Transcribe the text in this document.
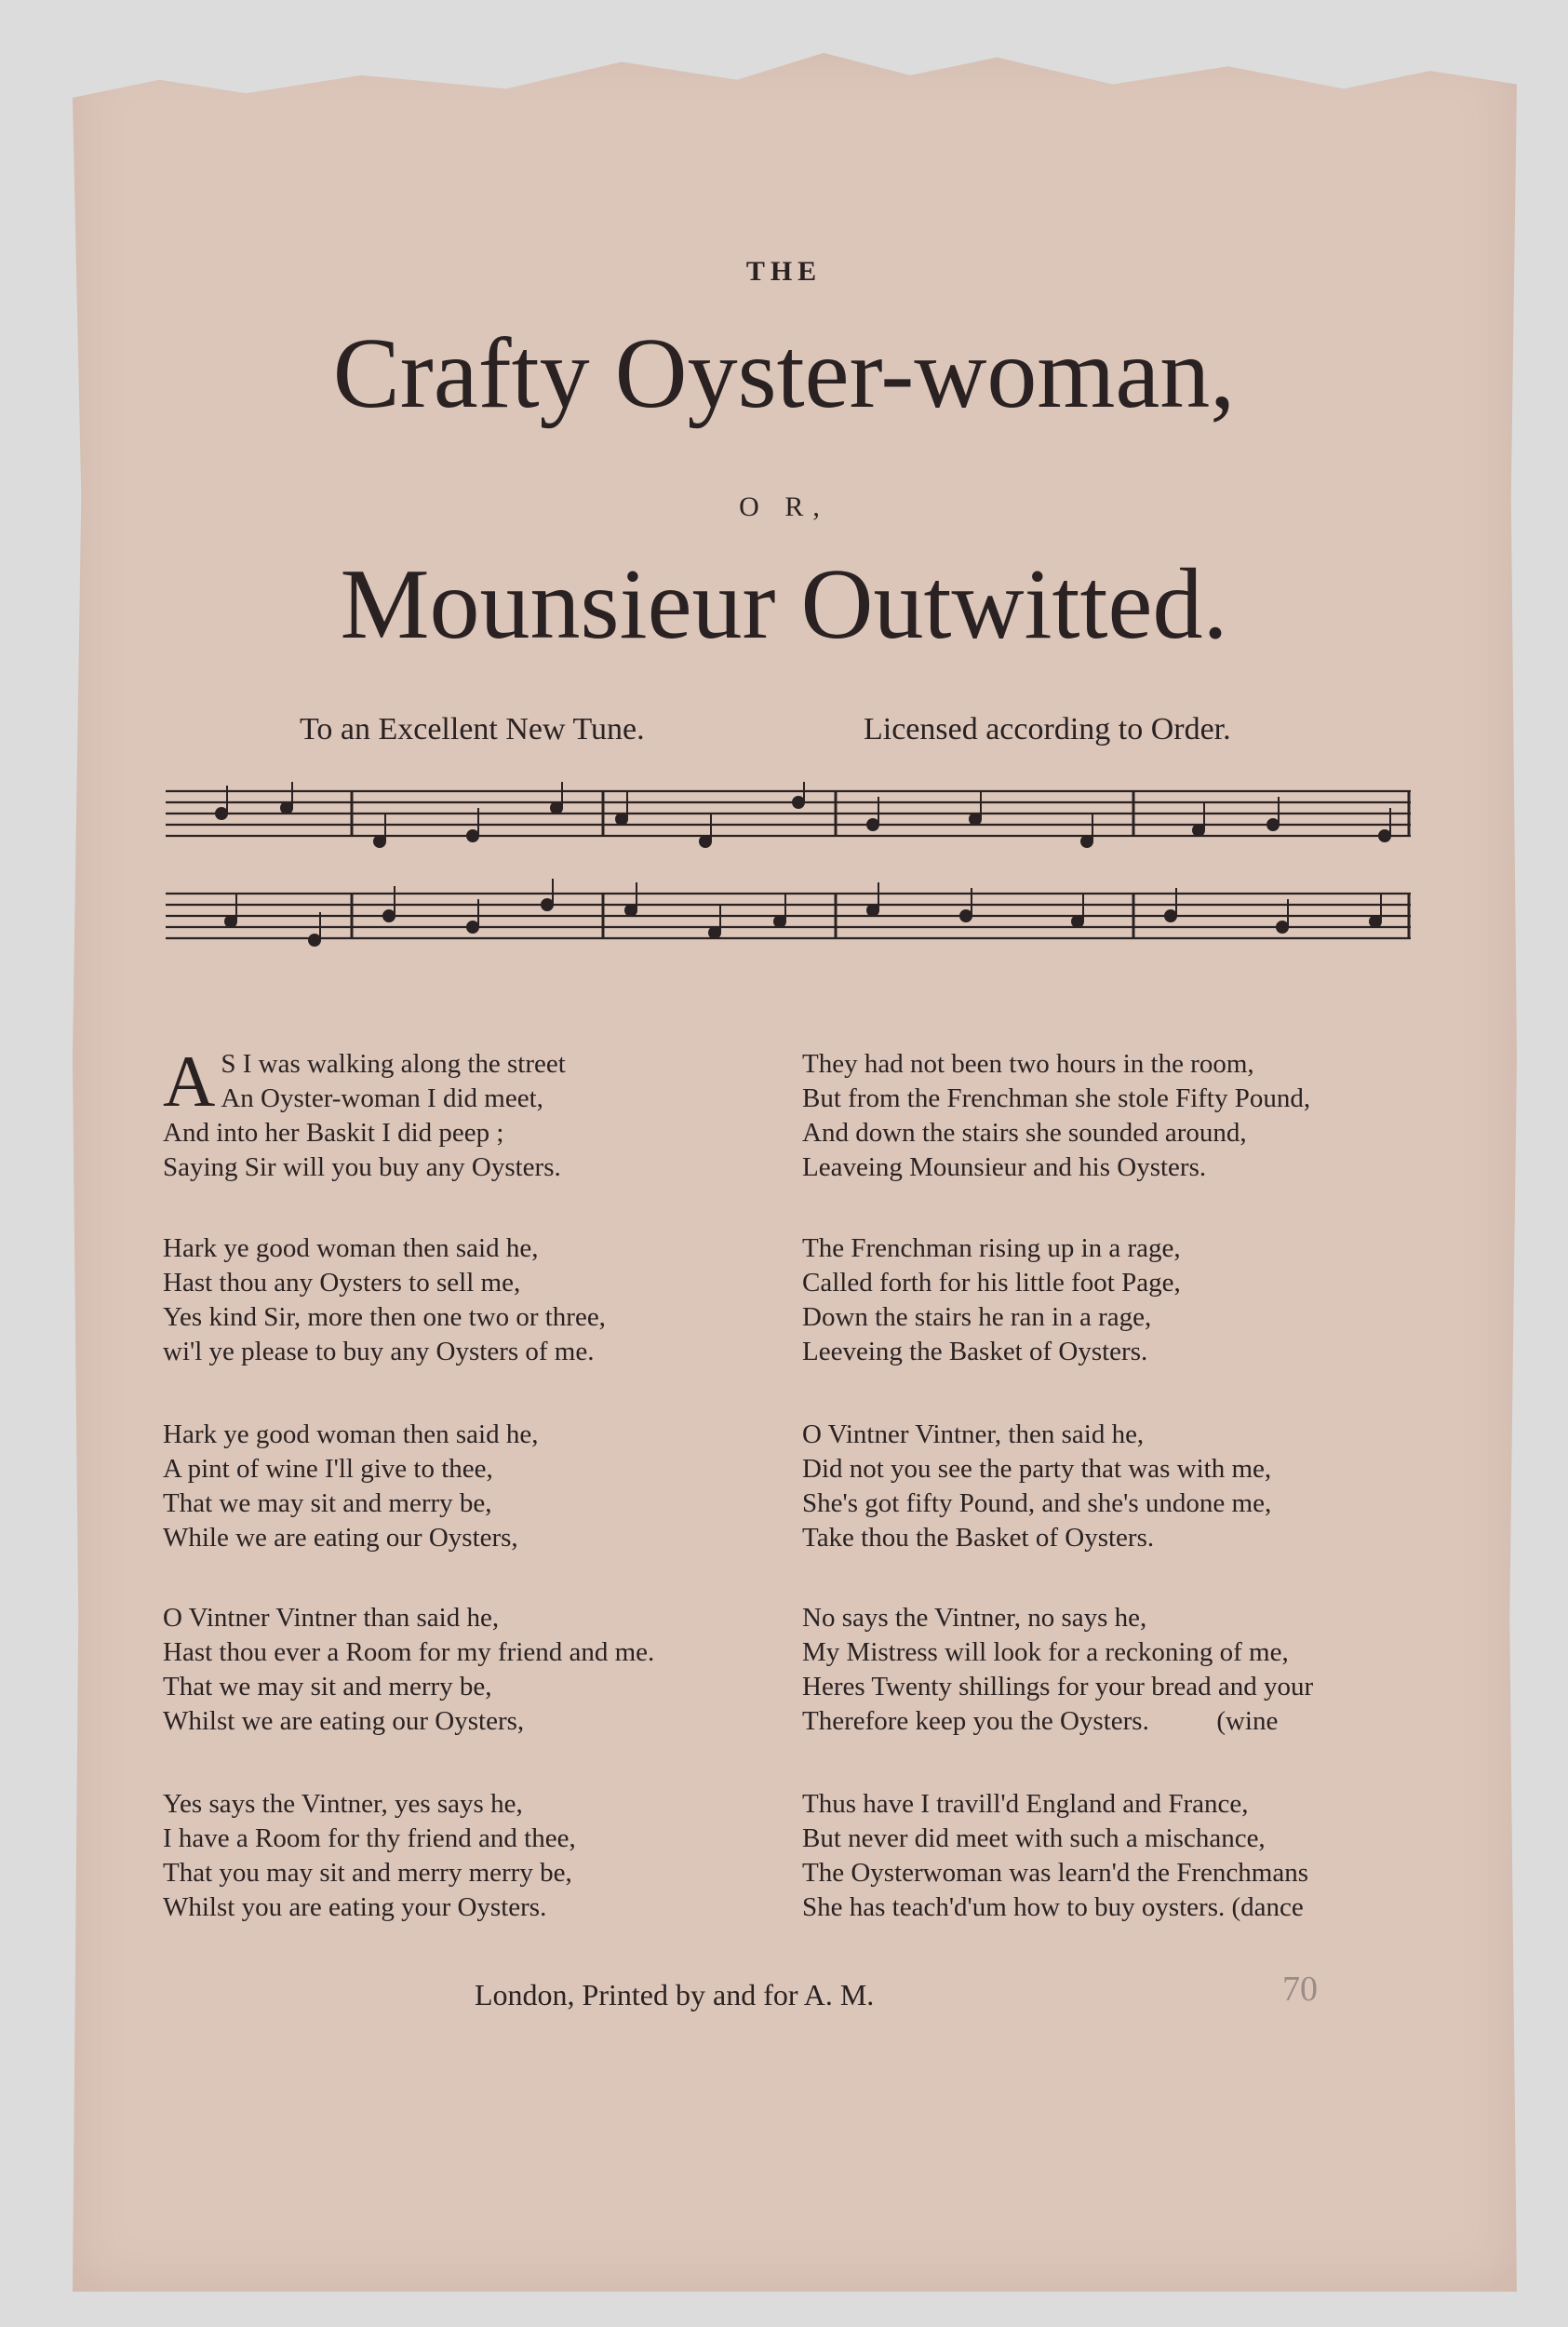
THE
Crafty Oyster-woman,
O R,
Mounsieur Outwitted.
To an Excellent New Tune.	Licensed according to Order.
A S I was walking along the street
An Oyster-woman I did meet,
And into her Baskit I did peep ;
Saying Sir will you buy any Oysters.
Hark ye good woman then said he,
Hast thou any Oysters to sell me,
Yes kind Sir, more then one two or three,
wi'l ye please to buy any Oysters of me.
Hark ye good woman then said he,
A pint of wine I'll give to thee,
That we may sit and merry be,
While we are eating our Oysters,
O Vintner Vintner than said he,
Hast thou ever a Room for my friend and me.
That we may sit and merry be,
Whilst we are eating our Oysters,
Yes says the Vintner, yes says he,
I have a Room for thy friend and thee,
That you may sit and merry merry be,
Whilst you are eating your Oysters.
They had not been two hours in the room,
But from the Frenchman she stole Fifty Pound,
And down the stairs she sounded around,
Leaveing Mounsieur and his Oysters.
The Frenchman rising up in a rage,
Called forth for his little foot Page,
Down the stairs he ran in a rage,
Leeveing the Basket of Oysters.
O Vintner Vintner, then said he,
Did not you see the party that was with me,
She's got fifty Pound, and she's undone me,
Take thou the Basket of Oysters.
No says the Vintner, no says he,
My Mistress will look for a reckoning of me,
Heres Twenty shillings for your bread and your
Therefore keep you the Oysters.          (wine
Thus have I travill'd England and France,
But never did meet with such a mischance,
The Oysterwoman was learn'd the Frenchmans
She has teach'd'um how to buy oysters. (dance
London, Printed by and for A. M.	70
